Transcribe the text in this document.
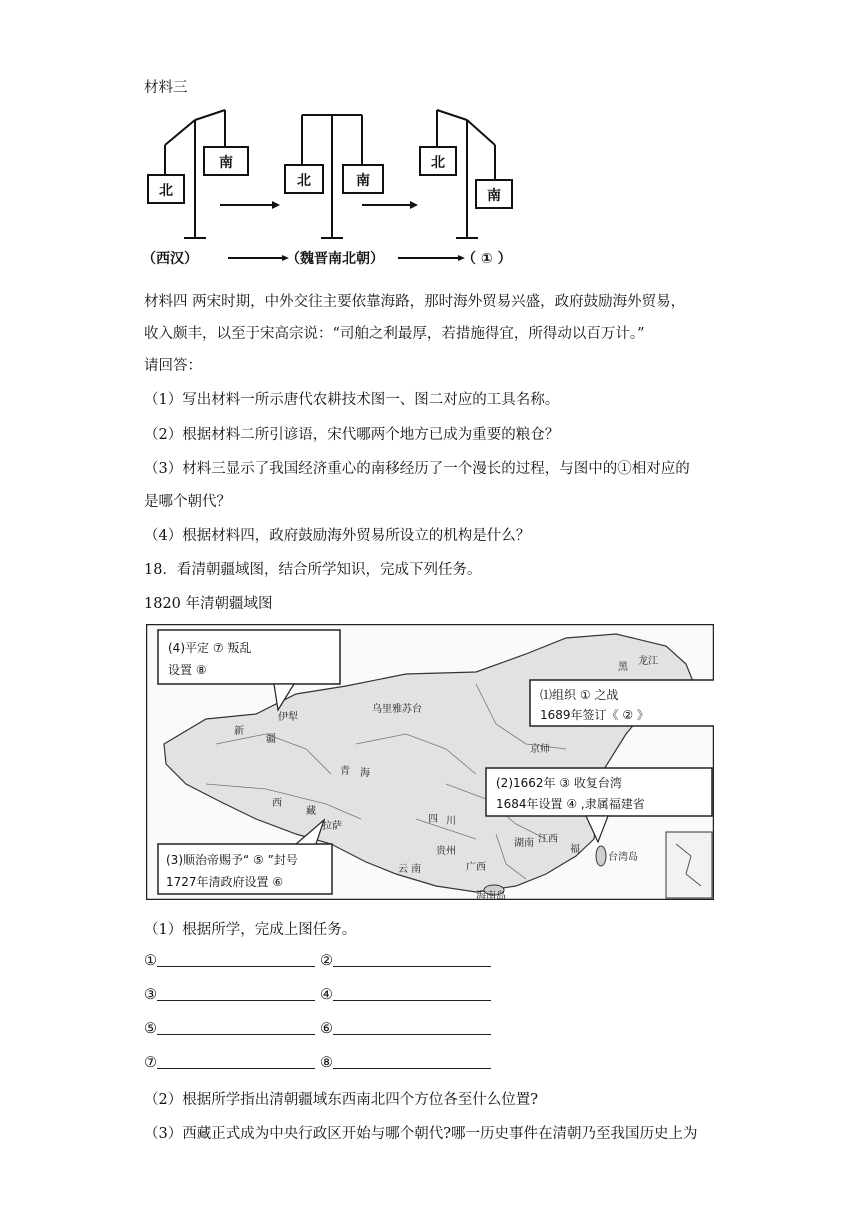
材料三
北
南
北	南
北
南
（西汉）	（魏晋南北朝）	（ ① ）
材料四 两宋时期，中外交往主要依靠海路，那时海外贸易兴盛，政府鼓励海外贸易，
收入颇丰，以至于宋高宗说：“司舶之利最厚，若措施得宜，所得动以百万计。”
请回答：
（1）写出材料一所示唐代农耕技术图一、图二对应的工具名称。
（2）根据材料二所引谚语，宋代哪两个地方已成为重要的粮仓？
（3）材料三显示了我国经济重心的南移经历了一个漫长的过程，与图中的①相对应的
是哪个朝代？
（4）根据材料四，政府鼓励海外贸易所设立的机构是什么？
18．看清朝疆域图，结合所学知识，完成下列任务。
1820 年清朝疆域图
(4)平定 ⑦ 叛乱
设置 ⑧
⑴组织 ① 之战
1689年签订《 ② 》
(2)1662年 ③ 收复台湾
1684年设置 ④ ,隶属福建省
(3)顺治帝赐予“ ⑤ ”封号
1727年清政府设置 ⑥
伊犁
乌里雅苏台
新
疆
青 海
西
藏
拉萨
四 川
云 南
贵州
广西
湖南 江西
福
京师
台湾岛
海南岛
黑
龙江
（1）根据所学，完成上图任务。
①	②
③	④
⑤	⑥
⑦	⑧
（2）根据所学指出清朝疆域东西南北四个方位各至什么位置?
（3）西藏正式成为中央行政区开始与哪个朝代?哪一历史事件在清朝乃至我国历史上为
